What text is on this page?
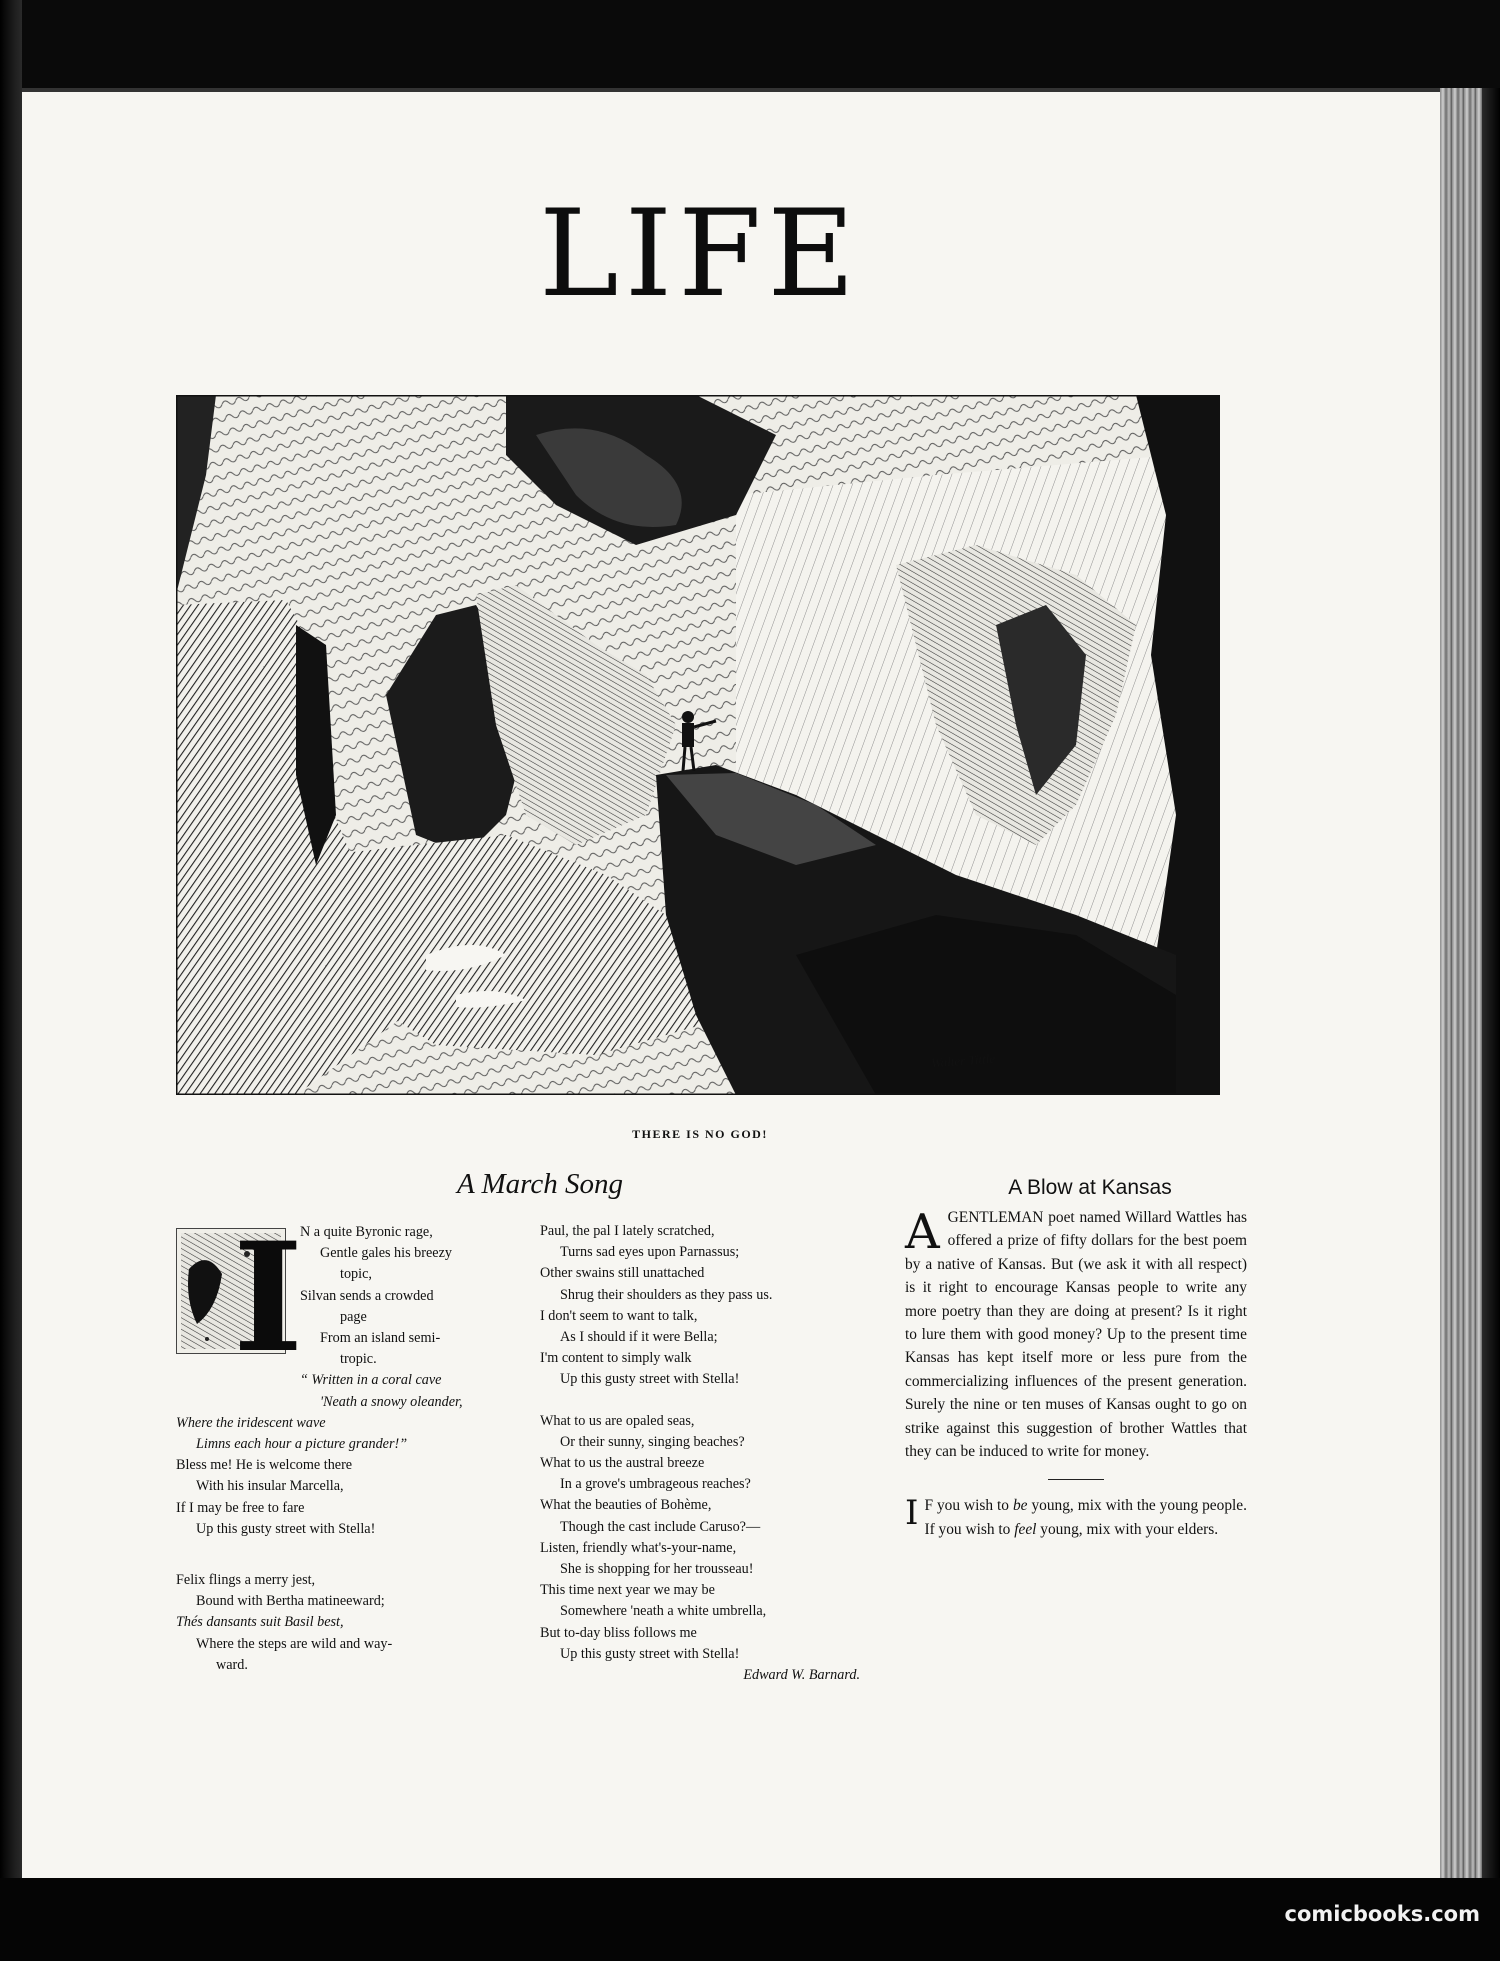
LIFE
Walter Tittle
THERE IS NO GOD!
A March Song	A Blow at Kansas
I
N a quite Byronic rage,
Gentle gales his breezy
topic,
Silvan sends a crowded
page
From an island semi-
tropic.
“ Written in a coral cave
'Neath a snowy oleander,
Where the iridescent wave
Limns each hour a picture grander!”
Bless me! He is welcome there
With his insular Marcella,
If I may be free to fare
Up this gusty street with Stella!
Felix flings a merry jest,
Bound with Bertha matineeward;
Thés dansants suit Basil best,
Where the steps are wild and way-
ward.
Paul, the pal I lately scratched,
Turns sad eyes upon Parnassus;
Other swains still unattached
Shrug their shoulders as they pass us.
I don't seem to want to talk,
As I should if it were Bella;
I'm content to simply walk
Up this gusty street with Stella!
What to us are opaled seas,
Or their sunny, singing beaches?
What to us the austral breeze
In a grove's umbrageous reaches?
What the beauties of Bohème,
Though the cast include Caruso?—
Listen, friendly what's-your-name,
She is shopping for her trousseau!
This time next year we may be
Somewhere 'neath a white umbrella,
But to-day bliss follows me
Up this gusty street with Stella!
Edward W. Barnard.

AGENTLEMAN poet named Willard Wattles has offered a prize of fifty dollars for the best poem by a native of Kansas. But (we ask it with all respect) is it right to encourage Kansas people to write any more poetry than they are doing at present? Is it right to lure them with good money? Up to the present time Kansas has kept itself more or less pure from the commercializing influences of the present generation. Surely the nine or ten muses of Kansas ought to go on strike against this suggestion of brother Wattles that they can be induced to write for money.

I F you wish to be young, mix with the young people. If you wish to feel young, mix with your elders.

comicbooks.com
